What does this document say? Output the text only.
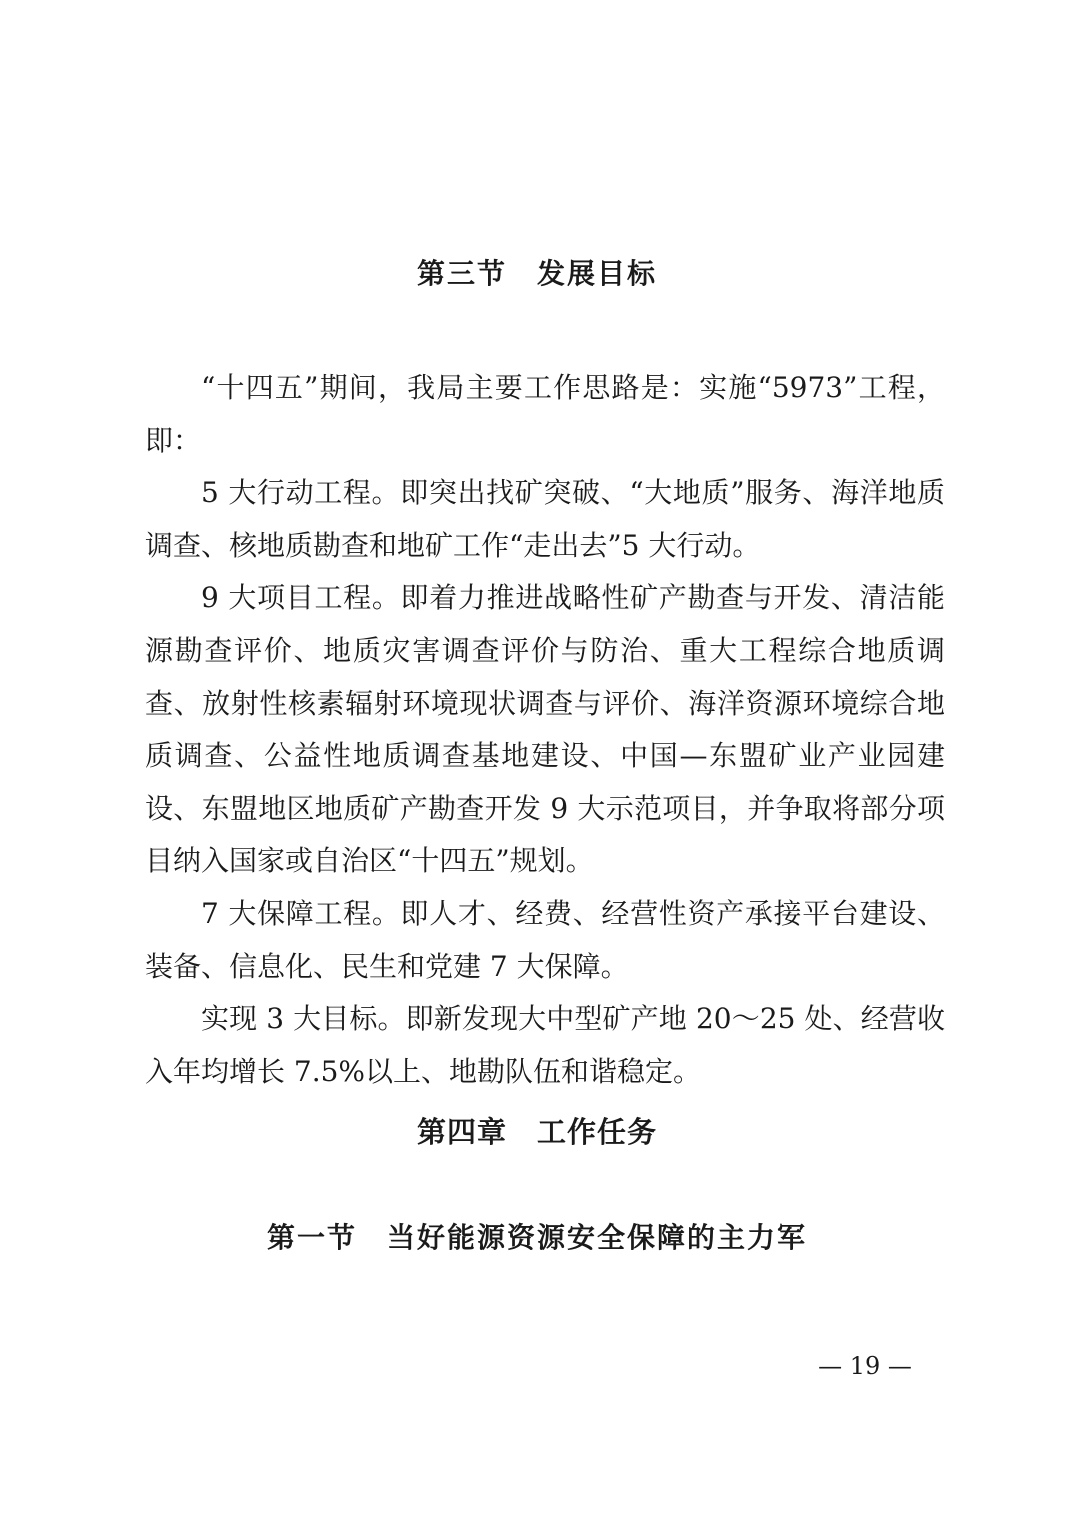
第三节　发展目标

“十四五”期间，我局主要工作思路是：实施“5973”工程，即：

5 大行动工程。即突出找矿突破、“大地质”服务、海洋地质调查、核地质勘查和地矿工作“走出去”5 大行动。

9 大项目工程。即着力推进战略性矿产勘查与开发、清洁能源勘查评价、地质灾害调查评价与防治、重大工程综合地质调查、放射性核素辐射环境现状调查与评价、海洋资源环境综合地质调查、公益性地质调查基地建设、中国—东盟矿业产业园建设、东盟地区地质矿产勘查开发 9 大示范项目，并争取将部分项目纳入国家或自治区“十四五”规划。

7 大保障工程。即人才、经费、经营性资产承接平台建设、装备、信息化、民生和党建 7 大保障。

实现 3 大目标。即新发现大中型矿产地 20～25 处、经营收入年均增长 7.5%以上、地勘队伍和谐稳定。

第四章　工作任务
第一节　当好能源资源安全保障的主力军
— 19 —
